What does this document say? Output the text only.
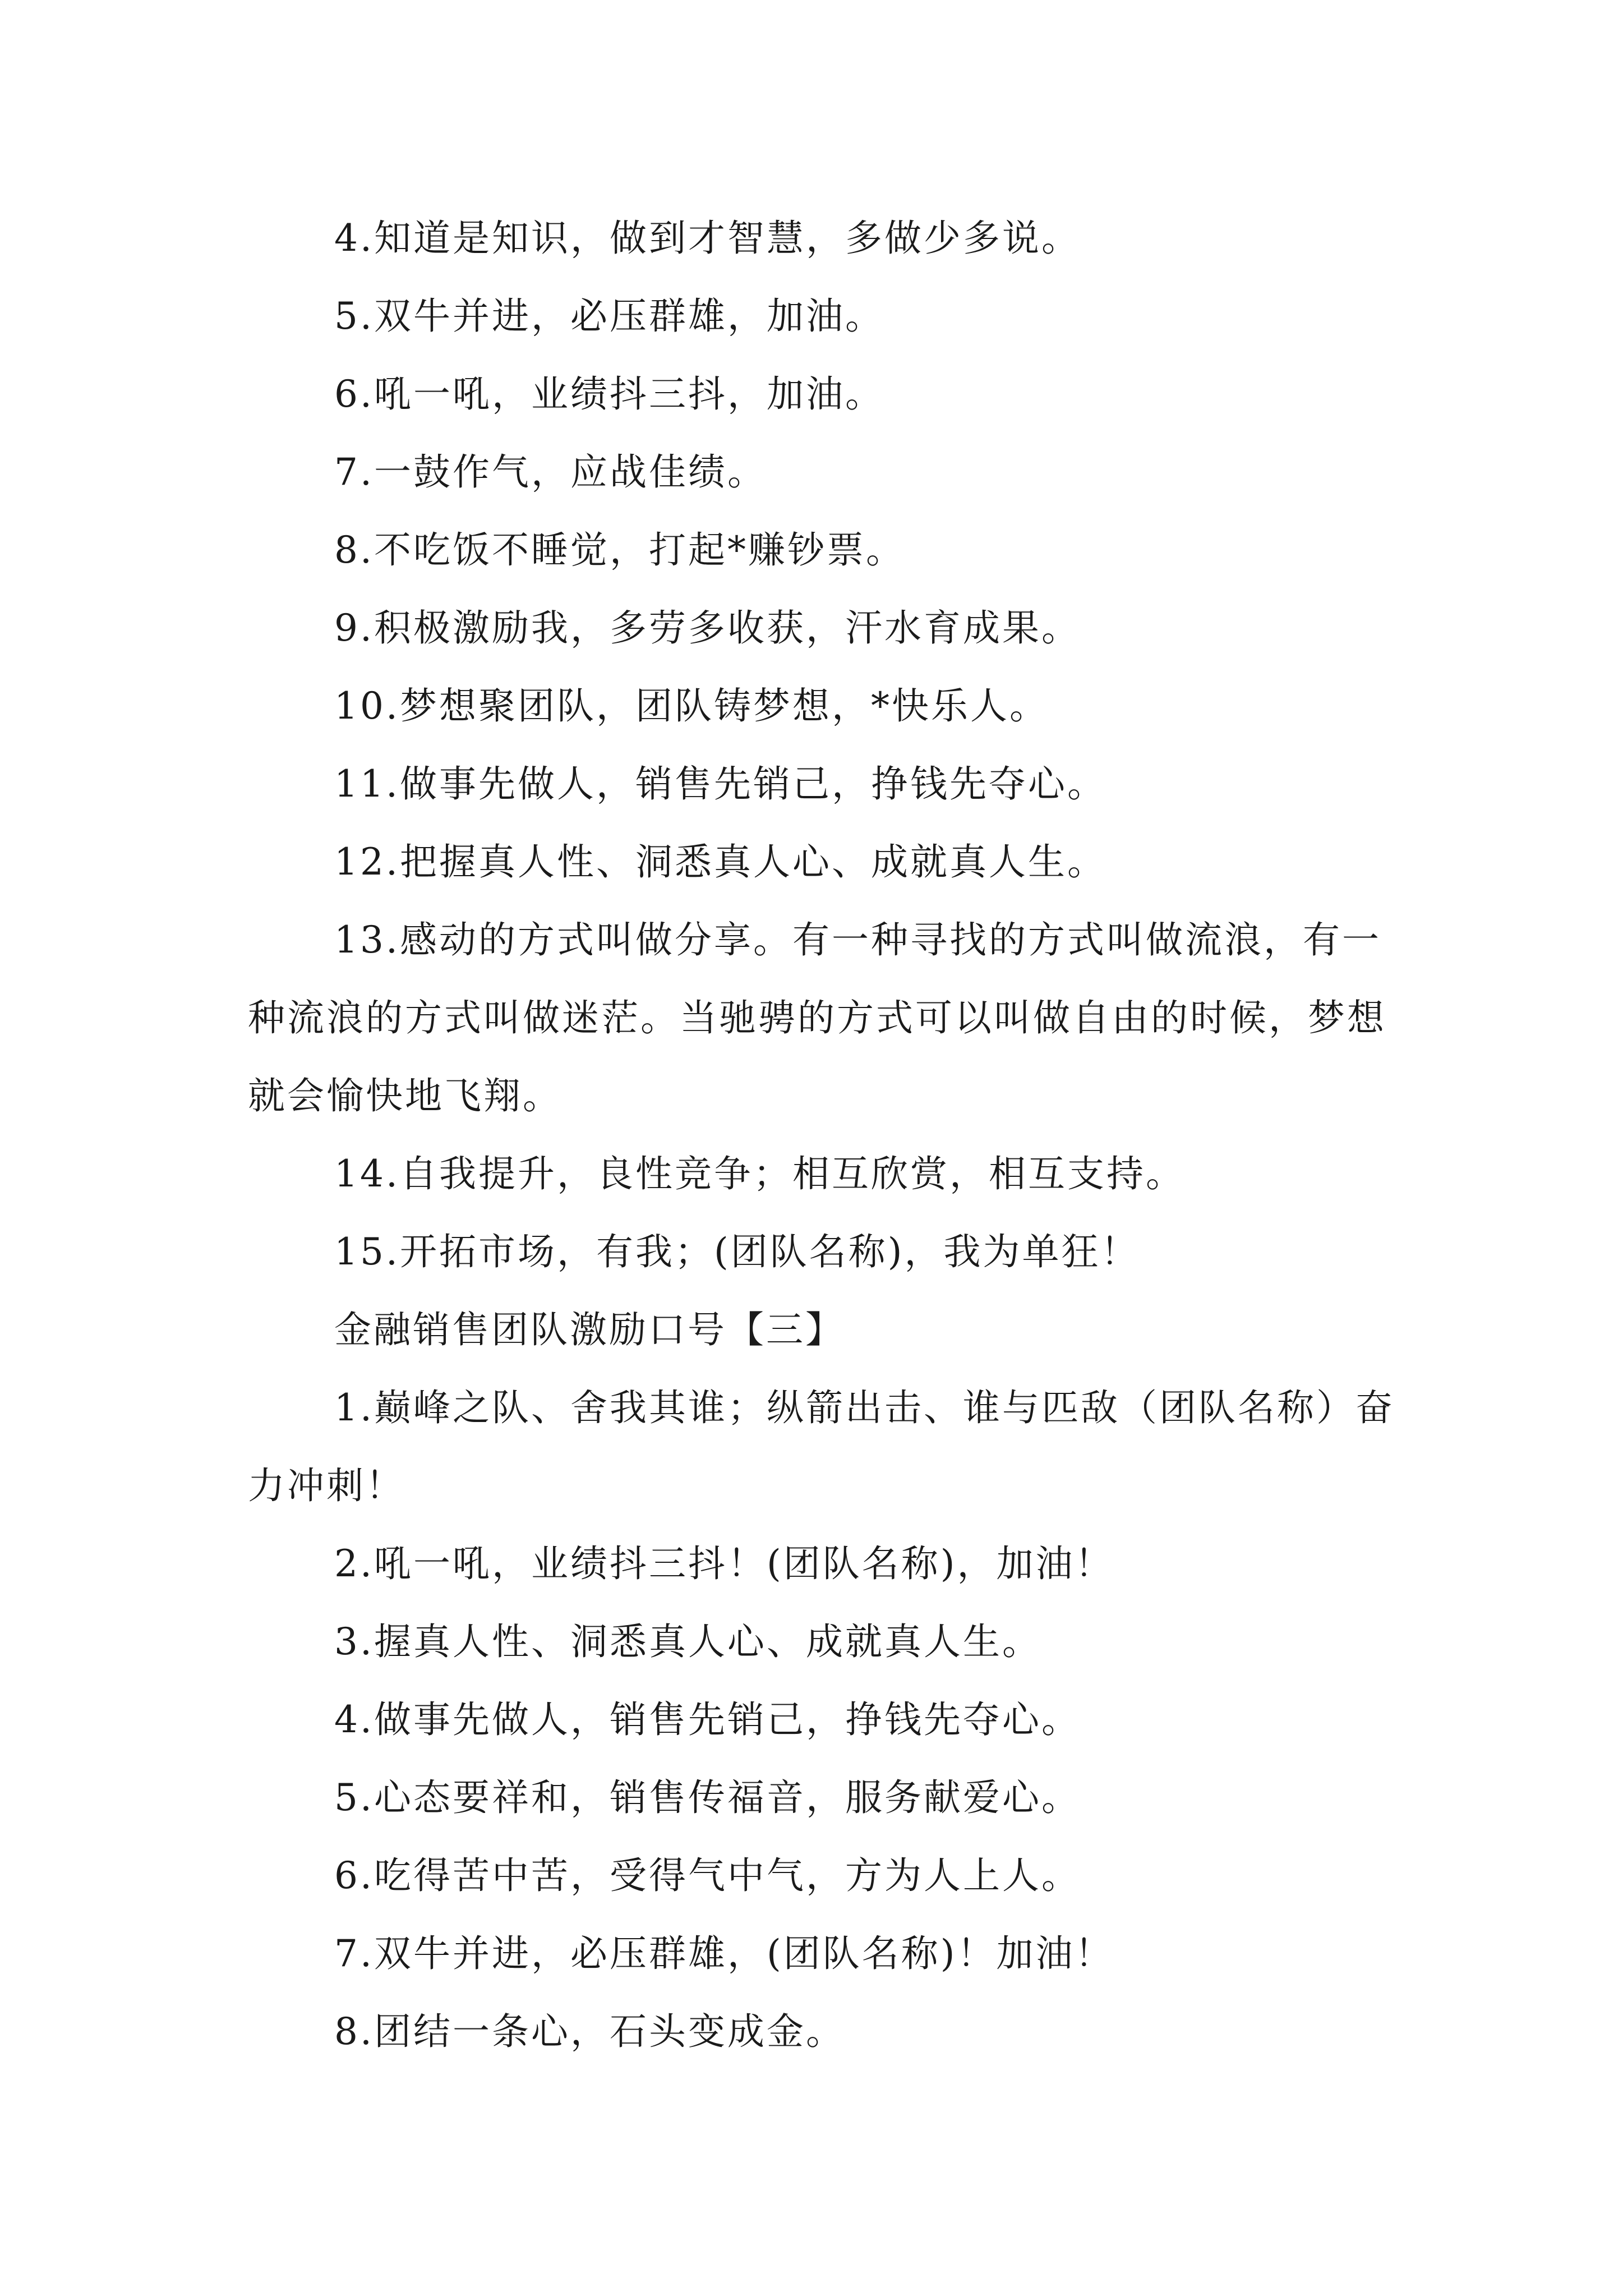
4.知道是知识，做到才智慧，多做少多说。

5.双牛并进，必压群雄，加油。

6.吼一吼，业绩抖三抖，加油。

7.一鼓作气，应战佳绩。

8.不吃饭不睡觉，打起*赚钞票。

9.积极激励我，多劳多收获，汗水育成果。

10.梦想聚团队，团队铸梦想，*快乐人。

11.做事先做人，销售先销己，挣钱先夺心。

12.把握真人性、洞悉真人心、成就真人生。

13.感动的方式叫做分享。有一种寻找的方式叫做流浪，有一种流浪的方式叫做迷茫。当驰骋的方式可以叫做自由的时候，梦想就会愉快地飞翔。

14.自我提升，良性竞争；相互欣赏，相互支持。

15.开拓市场，有我；(团队名称)，我为单狂！

金融销售团队激励口号【三】

1.巅峰之队、舍我其谁；纵箭出击、谁与匹敌（团队名称）奋力冲刺！

2.吼一吼，业绩抖三抖！(团队名称)，加油！

3.握真人性、洞悉真人心、成就真人生。

4.做事先做人，销售先销己，挣钱先夺心。

5.心态要祥和，销售传福音，服务献爱心。

6.吃得苦中苦，受得气中气，方为人上人。

7.双牛并进，必压群雄，(团队名称)！加油！

8.团结一条心，石头变成金。
